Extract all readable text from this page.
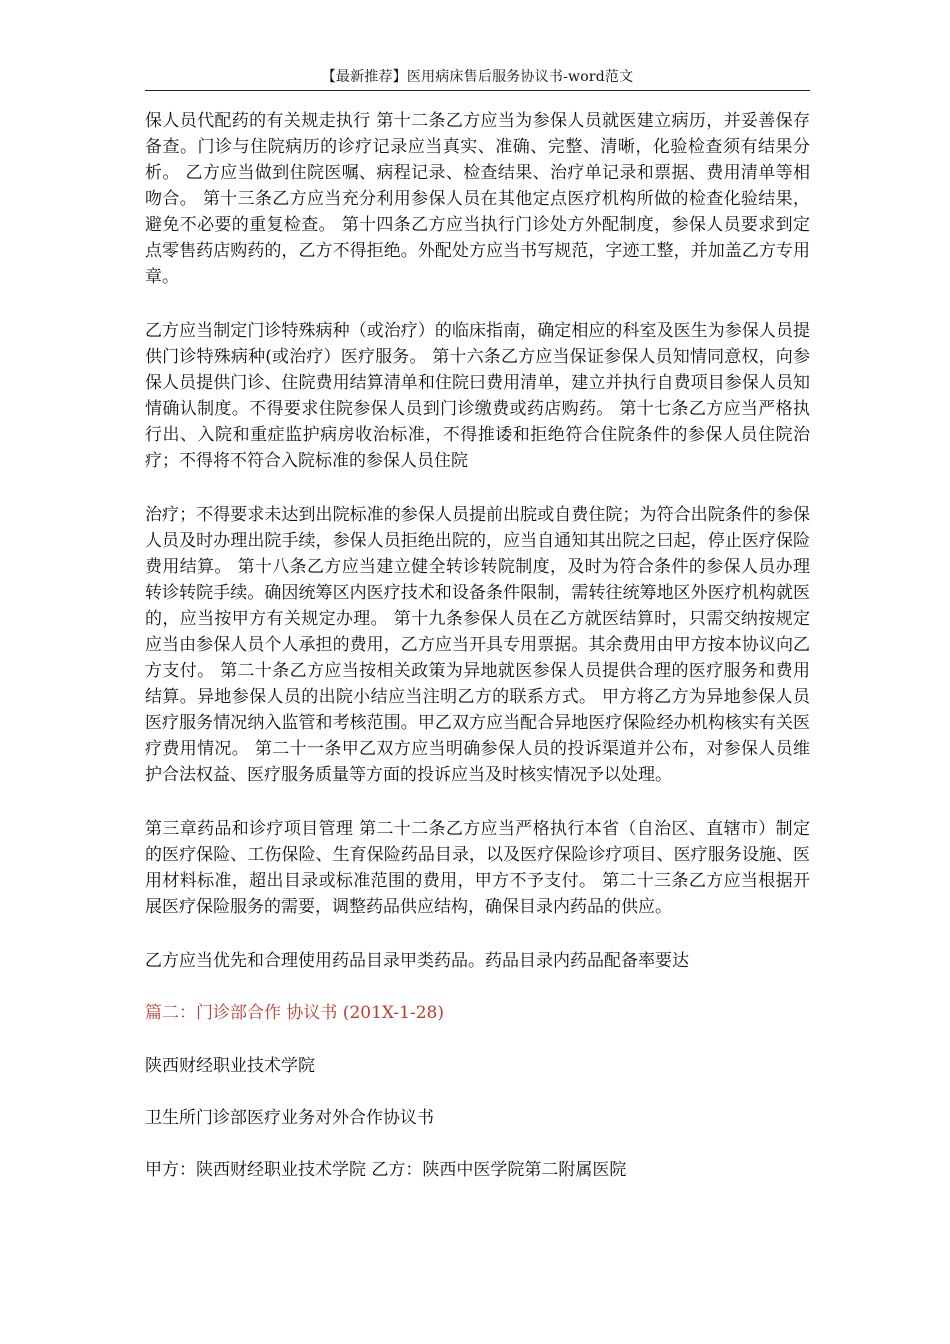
【最新推荐】医用病床售后服务协议书-word范文

保人员代配药的有关规走执行 第十二条乙方应当为参保人员就医建立病历，并妥善保存备查。门诊与住院病历的诊疗记录应当真实、准确、完整、清晰，化验检查须有结果分析。 乙方应当做到住院医嘱、病程记录、检查结果、治疗单记录和票据、费用清单等相吻合。 第十三条乙方应当充分利用参保人员在其他定点医疗机构所做的检查化验结果，避免不必要的重复检查。 第十四条乙方应当执行门诊处方外配制度，参保人员要求到定点零售药店购药的，乙方不得拒绝。外配处方应当书写规范，字迹工整，并加盖乙方专用章。

乙方应当制定门诊特殊病种（或治疗）的临床指南，确定相应的科室及医生为参保人员提供门诊特殊病种(或治疗）医疗服务。 第十六条乙方应当保证参保人员知情同意权，向参保人员提供门诊、住院费用结算清单和住院曰费用清单，建立并执行自费项目参保人员知情确认制度。不得要求住院参保人员到门诊缴费或药店购药。 第十七条乙方应当严格执行出、入院和重症监护病房收治标准，不得推诿和拒绝符合住院条件的参保人员住院治疗；不得将不符合入院标准的参保人员住院

治疗；不得要求未达到出院标准的参保人员提前出脘或自费住院；为符合出院条件的参保人员及时办理出院手续，参保人员拒绝出院的，应当自通知其出院之曰起，停止医疗保险费用结算。 第十八条乙方应当建立健全转诊转院制度，及时为符合条件的参保人员办理转诊转院手续。确因统筹区内医疗技术和设备条件限制，需转往统筹地区外医疗机构就医的，应当按甲方有关规定办理。 第十九条参保人员在乙方就医结算时，只需交纳按规定应当由参保人员个人承担的费用，乙方应当开具专用票据。其余费用由甲方按本协议向乙方支付。 第二十条乙方应当按相关政策为异地就医参保人员提供合理的医疗服务和费用结算。异地参保人员的出院小结应当注明乙方的联系方式。 甲方将乙方为异地参保人员医疗服务情况纳入监管和考核范围。甲乙双方应当配合异地医疗保险经办机构核实有关医疗费用情况。 第二十一条甲乙双方应当明确参保人员的投诉渠道并公布，对参保人员维护合法权益、医疗服务质量等方面的投诉应当及时核实情况予以处理。

第三章药品和诊疗项目管理 第二十二条乙方应当严格执行本省（自治区、直辖市）制定的医疗保险、工伤保险、生育保险药品目录，以及医疗保险诊疗项目、医疗服务设施、医用材料标准，超出目录或标准范围的费用，甲方不予支付。 第二十三条乙方应当根据开展医疗保险服务的需要，调整药品供应结构，确保目录内药品的供应。

乙方应当优先和合理使用药品目录甲类药品。药品目录内药品配备率要达

篇二：门诊部合作 协议书 (201X-1-28)

陕西财经职业技术学院

卫生所门诊部医疗业务对外合作协议书

甲方：陕西财经职业技术学院 乙方：陕西中医学院第二附属医院
